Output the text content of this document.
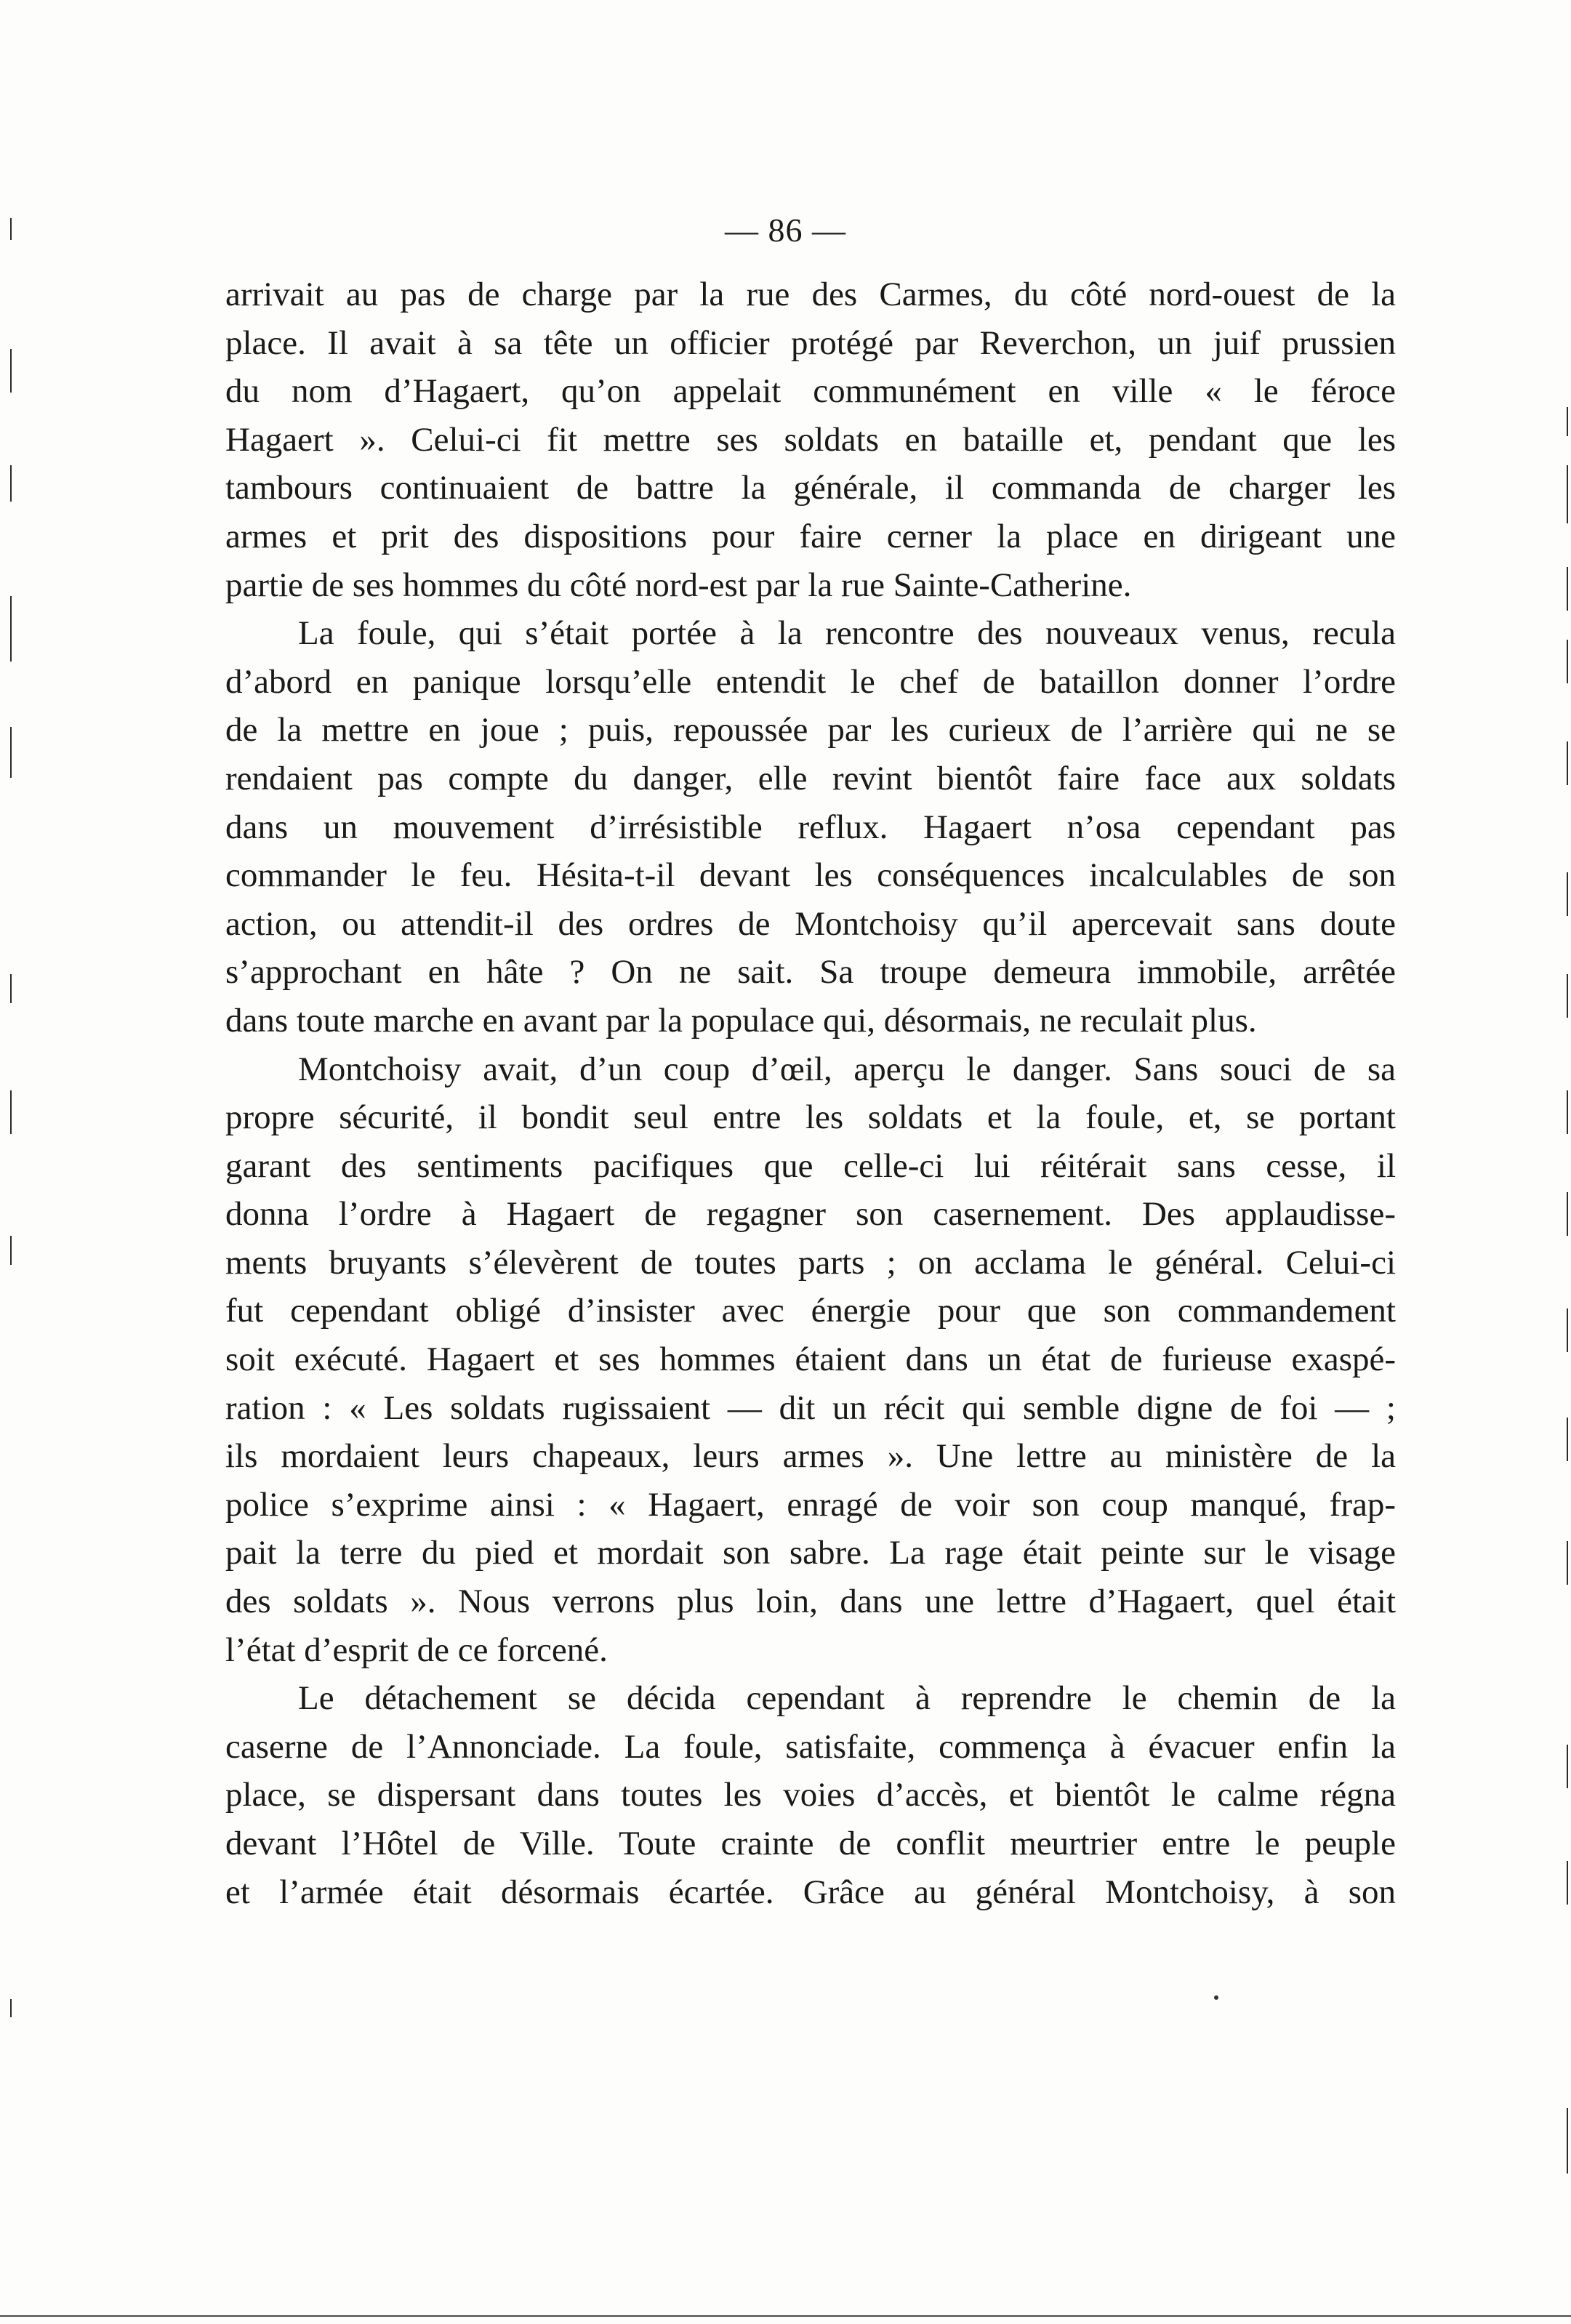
— 86 —
arrivait au pas de charge par la rue des Carmes, du côté nord-ouest de la
place. Il avait à sa tête un officier protégé par Reverchon, un juif prussien
du nom d’Hagaert, qu’on appelait communément en ville « le féroce
Hagaert ». Celui-ci fit mettre ses soldats en bataille et, pendant que les
tambours continuaient de battre la générale, il commanda de charger les
armes et prit des dispositions pour faire cerner la place en dirigeant une
partie de ses hommes du côté nord-est par la rue Sainte-Catherine.
La foule, qui s’était portée à la rencontre des nouveaux venus, recula
d’abord en panique lorsqu’elle entendit le chef de bataillon donner l’ordre
de la mettre en joue ; puis, repoussée par les curieux de l’arrière qui ne se
rendaient pas compte du danger, elle revint bientôt faire face aux soldats
dans un mouvement d’irrésistible reflux. Hagaert n’osa cependant pas
commander le feu. Hésita-t-il devant les conséquences incalculables de son
action, ou attendit-il des ordres de Montchoisy qu’il apercevait sans doute
s’approchant en hâte ? On ne sait. Sa troupe demeura immobile, arrêtée
dans toute marche en avant par la populace qui, désormais, ne reculait plus.
Montchoisy avait, d’un coup d’œil, aperçu le danger. Sans souci de sa
propre sécurité, il bondit seul entre les soldats et la foule, et, se portant
garant des sentiments pacifiques que celle-ci lui réitérait sans cesse, il
donna l’ordre à Hagaert de regagner son casernement. Des applaudisse-
ments bruyants s’élevèrent de toutes parts ; on acclama le général. Celui-ci
fut cependant obligé d’insister avec énergie pour que son commandement
soit exécuté. Hagaert et ses hommes étaient dans un état de furieuse exaspé-
ration : « Les soldats rugissaient — dit un récit qui semble digne de foi — ;
ils mordaient leurs chapeaux, leurs armes ». Une lettre au ministère de la
police s’exprime ainsi : « Hagaert, enragé de voir son coup manqué, frap-
pait la terre du pied et mordait son sabre. La rage était peinte sur le visage
des soldats ». Nous verrons plus loin, dans une lettre d’Hagaert, quel était
l’état d’esprit de ce forcené.
Le détachement se décida cependant à reprendre le chemin de la
caserne de l’Annonciade. La foule, satisfaite, commença à évacuer enfin la
place, se dispersant dans toutes les voies d’accès, et bientôt le calme régna
devant l’Hôtel de Ville. Toute crainte de conflit meurtrier entre le peuple
et l’armée était désormais écartée. Grâce au général Montchoisy, à son
